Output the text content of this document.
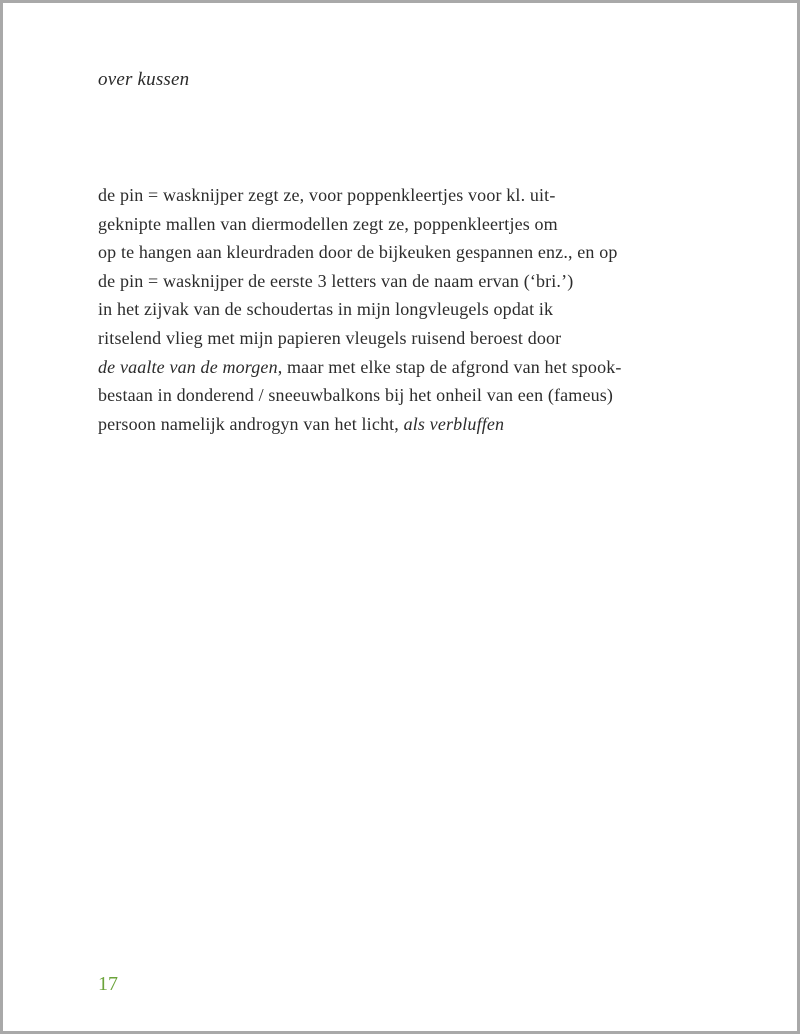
over kussen
de pin = wasknijper zegt ze, voor poppenkleertjes voor kl. uit-
geknipte mallen van diermodellen zegt ze, poppenkleertjes om
op te hangen aan kleurdraden door de bijkeuken gespannen enz., en op
de pin = wasknijper de eerste 3 letters van de naam ervan (‘bri.’)
in het zijvak van de schoudertas in mijn longvleugels opdat ik
ritselend vlieg met mijn papieren vleugels ruisend beroest door
de vaalte van de morgen, maar met elke stap de afgrond van het spook-
bestaan in donderend / sneeuwbalkons bij het onheil van een (fameus)
persoon namelijk androgyn van het licht, als verbluffen
17
